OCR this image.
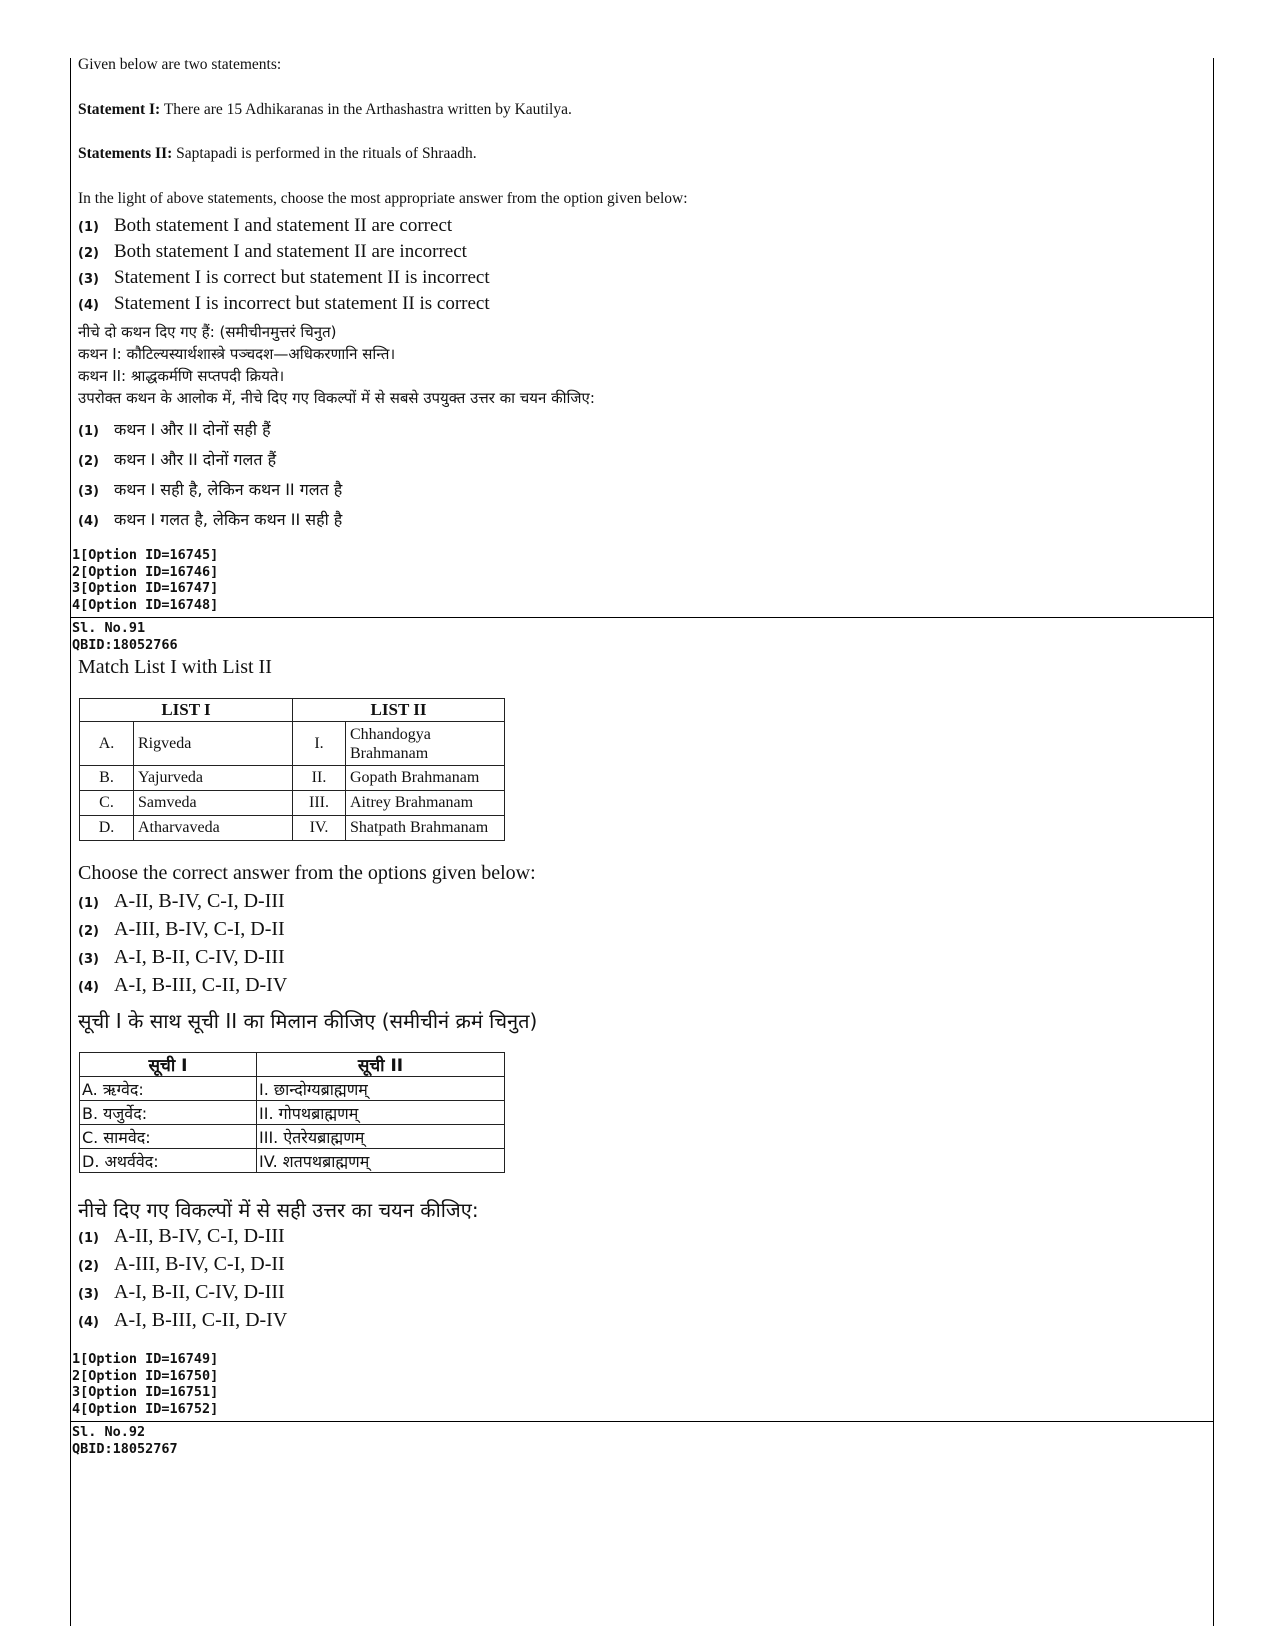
Given below are two statements:
Statement I: There are 15 Adhikaranas in the Arthashastra written by Kautilya.
Statements II: Saptapadi is performed in the rituals of Shraadh.
In the light of above statements, choose the most appropriate answer from the option given below:
(1) Both statement I and statement II are correct
(2) Both statement I and statement II are incorrect
(3) Statement I is correct but statement II is incorrect
(4) Statement I is incorrect but statement II is correct
नीचे दो कथन दिए गए हैं: (समीचीनमुत्तरं चिनुत)
कथन I: कौटिल्यस्यार्थशास्त्रे पञ्चदश—अधिकरणानि सन्ति।
कथन II: श्राद्धकर्मणि सप्तपदी क्रियते।
उपरोक्त कथन के आलोक में, नीचे दिए गए विकल्पों में से सबसे उपयुक्त उत्तर का चयन कीजिए:
(1) कथन I और II दोनों सही हैं
(2) कथन I और II दोनों गलत हैं
(3) कथन I सही है, लेकिन कथन II गलत है
(4) कथन I गलत है, लेकिन कथन II सही है
1[Option ID=16745]
2[Option ID=16746]
3[Option ID=16747]
4[Option ID=16748]
Sl. No.91
QBID:18052766
Match List I with List II
LIST I		LIST II	
A.	Rigveda	I.	Chhandogya
Brahmanam

B.	Yajurveda	II.	Gopath Brahmanam
C.	Samveda	III.	Aitrey Brahmanam
D.	Atharvaveda	IV.	Shatpath Brahmanam
Choose the correct answer from the options given below:
(1) A-II, B-IV, C-I, D-III
(2) A-III, B-IV, C-I, D-II
(3) A-I, B-II, C-IV, D-III
(4) A-I, B-III, C-II, D-IV
सूची I के साथ सूची II का मिलान कीजिए (समीचीनं क्रमं चिनुत)
सूची I	सूची II
A. ऋग्वेद:	I. छान्दोग्यब्राह्मणम्
B. यजुर्वेद:	II. गोपथब्राह्मणम्
C. सामवेद:	III. ऐतरेयब्राह्मणम्
D. अथर्ववेद:	IV. शतपथब्राह्मणम्
नीचे दिए गए विकल्पों में से सही उत्तर का चयन कीजिए:
(1) A-II, B-IV, C-I, D-III
(2) A-III, B-IV, C-I, D-II
(3) A-I, B-II, C-IV, D-III
(4) A-I, B-III, C-II, D-IV
1[Option ID=16749]
2[Option ID=16750]
3[Option ID=16751]
4[Option ID=16752]
Sl. No.92
QBID:18052767
